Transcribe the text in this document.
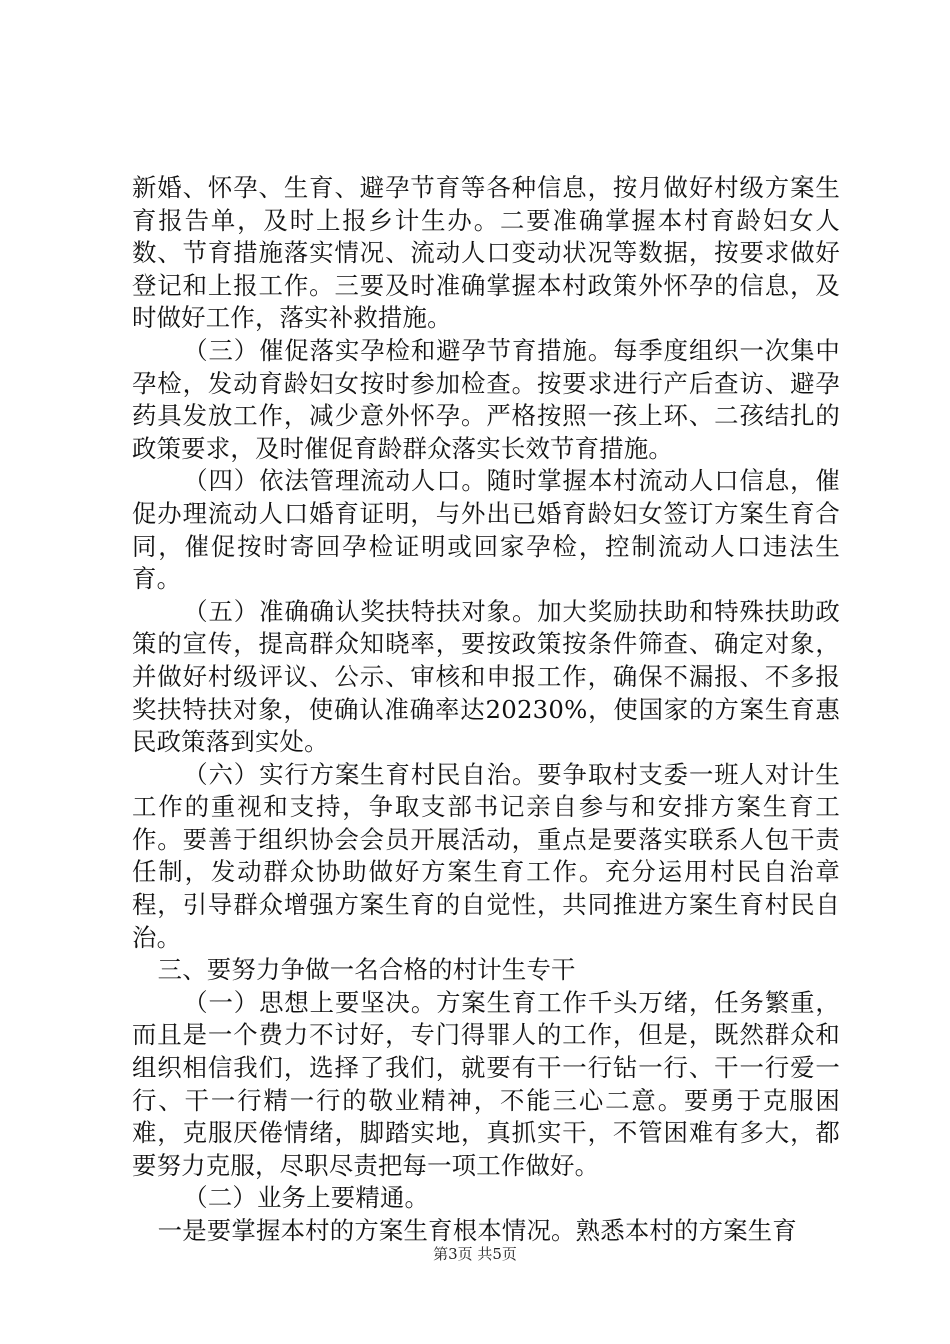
新婚、怀孕、生育、避孕节育等各种信息，按月做好村级方案生育报告单，及时上报乡计生办。二要准确掌握本村育龄妇女人数、节育措施落实情况、流动人口变动状况等数据，按要求做好登记和上报工作。三要及时准确掌握本村政策外怀孕的信息，及时做好工作，落实补救措施。

（三）催促落实孕检和避孕节育措施。每季度组织一次集中孕检，发动育龄妇女按时参加检查。按要求进行产后查访、避孕药具发放工作，减少意外怀孕。严格按照一孩上环、二孩结扎的政策要求，及时催促育龄群众落实长效节育措施。

（四）依法管理流动人口。随时掌握本村流动人口信息，催促办理流动人口婚育证明，与外出已婚育龄妇女签订方案生育合同，催促按时寄回孕检证明或回家孕检，控制流动人口违法生育。

（五）准确确认奖扶特扶对象。加大奖励扶助和特殊扶助政策的宣传，提高群众知晓率，要按政策按条件筛查、确定对象，并做好村级评议、公示、审核和申报工作，确保不漏报、不多报奖扶特扶对象，使确认准确率达20230%，使国家的方案生育惠民政策落到实处。

（六）实行方案生育村民自治。要争取村支委一班人对计生工作的重视和支持，争取支部书记亲自参与和安排方案生育工作。要善于组织协会会员开展活动，重点是要落实联系人包干责任制，发动群众协助做好方案生育工作。充分运用村民自治章程，引导群众增强方案生育的自觉性，共同推进方案生育村民自治。

三、要努力争做一名合格的村计生专干

（一）思想上要坚决。方案生育工作千头万绪，任务繁重，而且是一个费力不讨好，专门得罪人的工作，但是，既然群众和组织相信我们，选择了我们，就要有干一行钻一行、干一行爱一行、干一行精一行的敬业精神，不能三心二意。要勇于克服困难，克服厌倦情绪，脚踏实地，真抓实干，不管困难有多大，都要努力克服，尽职尽责把每一项工作做好。

（二）业务上要精通。

一是要掌握本村的方案生育根本情况。熟悉本村的方案生育

第3页 共5页
